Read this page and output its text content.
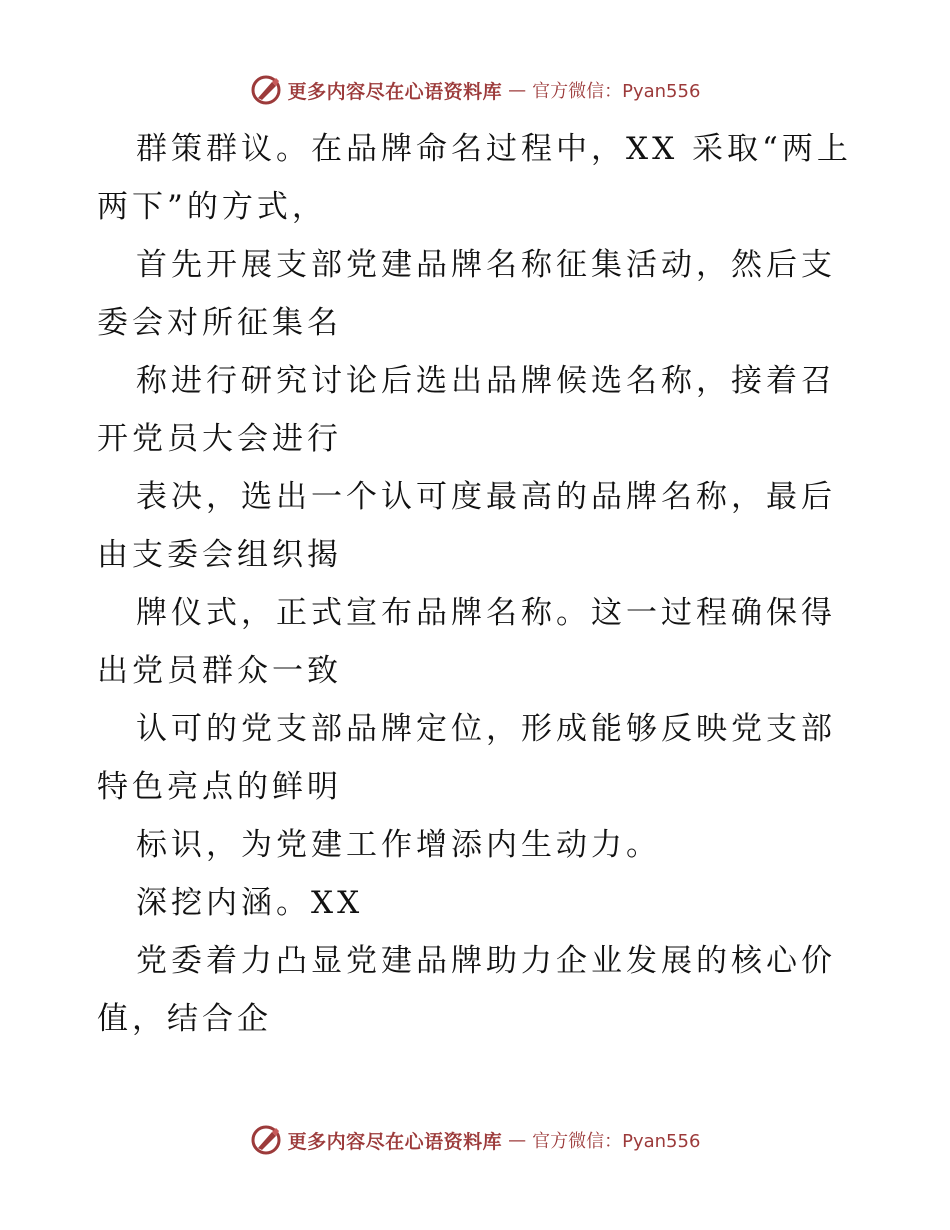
更多内容尽在心语资料库 — 官方微信：Pyan556

群策群议。在品牌命名过程中，XX 采取“两上两下”的方式，

首先开展支部党建品牌名称征集活动，然后支委会对所征集名

称进行研究讨论后选出品牌候选名称，接着召开党员大会进行

表决，选出一个认可度最高的品牌名称，最后由支委会组织揭

牌仪式，正式宣布品牌名称。这一过程确保得出党员群众一致

认可的党支部品牌定位，形成能够反映党支部特色亮点的鲜明

标识，为党建工作增添内生动力。

深挖内涵。XX

党委着力凸显党建品牌助力企业发展的核心价值，结合企

更多内容尽在心语资料库 — 官方微信：Pyan556
